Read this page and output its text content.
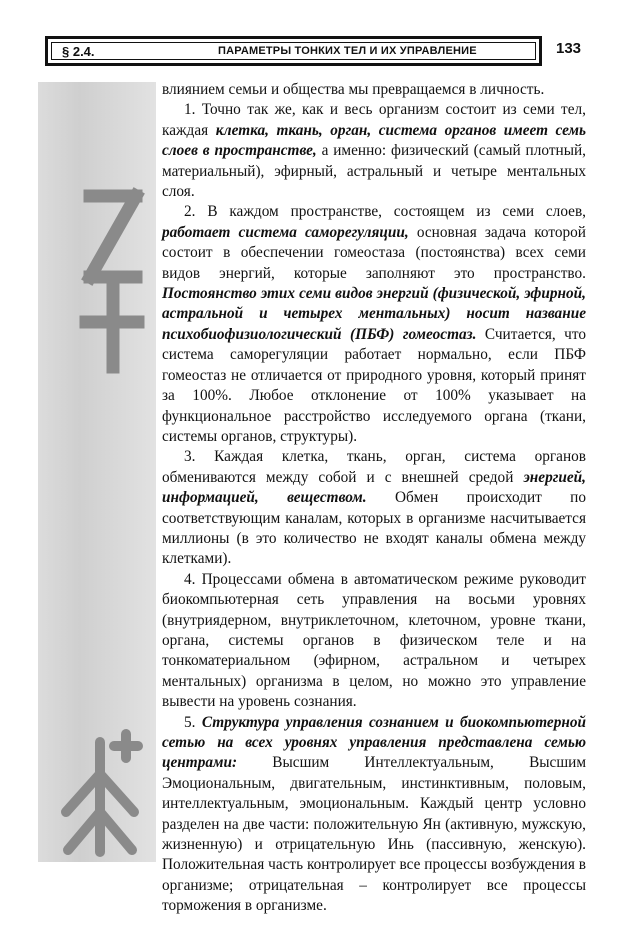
§ 2.4.	ПАРАМЕТРЫ ТОНКИХ ТЕЛ И ИХ УПРАВЛЕНИЕ	133

влиянием семьи и общества мы превращаемся в личность.

1. Точно так же, как и весь организм состоит из семи тел, каждая клетка, ткань, орган, система органов имеет семь слоев в пространстве, а именно: физический (самый плотный, материальный), эфирный, астральный и четыре ментальных слоя.

2. В каждом пространстве, состоящем из семи слоев, работает система саморегуляции, основная задача которой состоит в обеспечении гомеостаза (постоянства) всех семи видов энергий, которые заполняют это пространство. Постоянство этих семи видов энергий (физической, эфирной, астральной и четырех ментальных) носит название психобиофизиологический (ПБФ) гомеостаз. Считается, что система саморегуляции работает нормально, если ПБФ гомеостаз не отличается от природного уровня, который принят за 100%. Любое отклонение от 100% указывает на функциональное расстройство исследуемого органа (ткани, системы органов, структуры).

3. Каждая клетка, ткань, орган, система органов обмениваются между собой и с внешней средой энергией, информацией, веществом. Обмен происходит по соответствующим каналам, которых в организме насчитывается миллионы (в это количество не входят каналы обмена между клетками).

4. Процессами обмена в автоматическом режиме руководит биокомпьютерная сеть управления на восьми уровнях (внутриядерном, внутриклеточном, клеточном, уровне ткани, органа, системы органов в физическом теле и на тонкоматериальном (эфирном, астральном и четырех ментальных) организма в целом, но можно это управление вывести на уровень сознания.

5. Структура управления сознанием и биокомпьютерной сетью на всех уровнях управления представлена семью центрами: Высшим Интеллектуальным, Высшим Эмоциональным, двигательным, инстинктивным, половым, интеллектуальным, эмоциональным. Каждый центр условно разделен на две части: положительную Ян (активную, мужскую, жизненную) и отрицательную Инь (пассивную, женскую). Положительная часть контролирует все процессы возбуждения в организме; отрицательная – контролирует все процессы торможения в организме.
